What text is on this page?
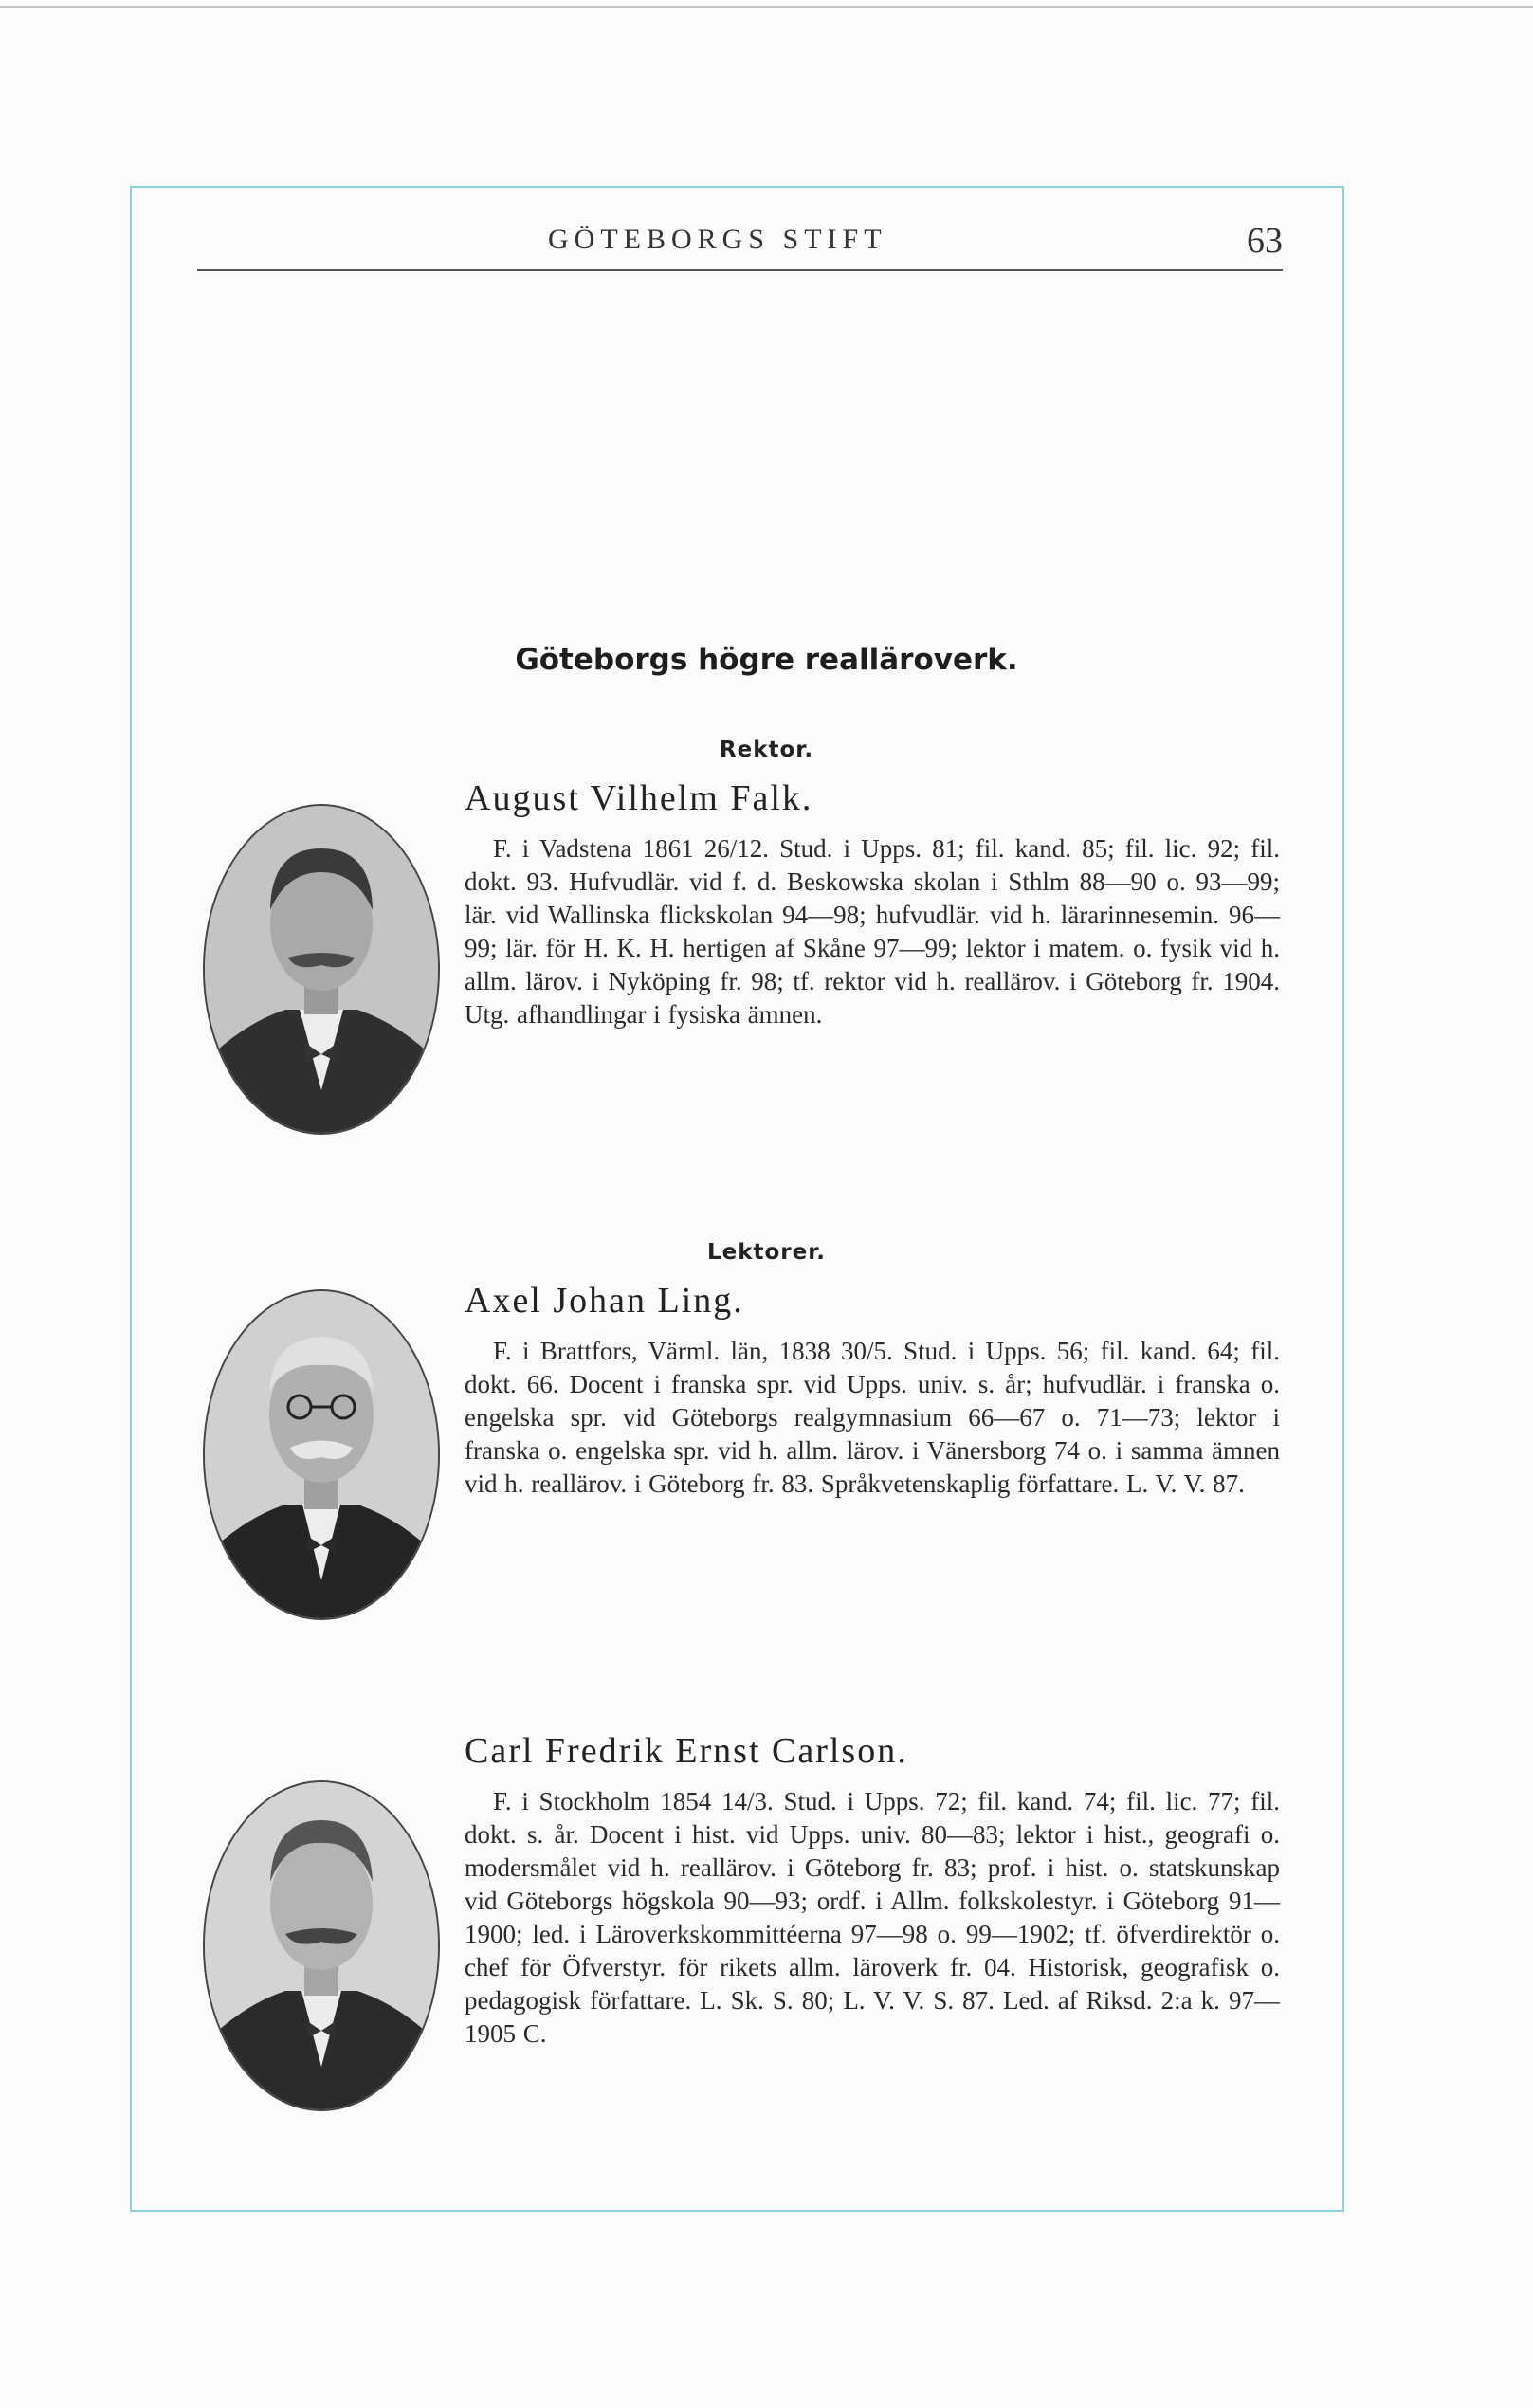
GÖTEBORGS STIFT	63
Göteborgs högre realläroverk.
Rektor.
August Vilhelm Falk.
F. i Vadstena 1861 26/12. Stud. i Upps. 81; fil. kand. 85; fil. lic. 92; fil. dokt. 93. Hufvudlär. vid f. d. Beskowska skolan i Sthlm 88—90 o. 93—99; lär. vid Wallinska flickskolan 94—98; hufvudlär. vid h. lärarinnesemin. 96—99; lär. för H. K. H. hertigen af Skåne 97—99; lektor i matem. o. fysik vid h. allm. lärov. i Nyköping fr. 98; tf. rektor vid h. reallärov. i Göteborg fr. 1904. Utg. afhandlingar i fysiska ämnen.
Lektorer.
Axel Johan Ling.
F. i Brattfors, Värml. län, 1838 30/5. Stud. i Upps. 56; fil. kand. 64; fil. dokt. 66. Docent i franska spr. vid Upps. univ. s. år; hufvudlär. i franska o. engelska spr. vid Göteborgs realgymnasium 66—67 o. 71—73; lektor i franska o. engelska spr. vid h. allm. lärov. i Vänersborg 74 o. i samma ämnen vid h. reallärov. i Göteborg fr. 83. Språkvetenskaplig författare. L. V. V. 87.
Carl Fredrik Ernst Carlson.
F. i Stockholm 1854 14/3. Stud. i Upps. 72; fil. kand. 74; fil. lic. 77; fil. dokt. s. år. Docent i hist. vid Upps. univ. 80—83; lektor i hist., geografi o. modersmålet vid h. reallärov. i Göteborg fr. 83; prof. i hist. o. statskunskap vid Göteborgs högskola 90—93; ordf. i Allm. folkskolestyr. i Göteborg 91—1900; led. i Läroverkskommittéerna 97—98 o. 99—1902; tf. öfverdirektör o. chef för Öfverstyr. för rikets allm. läroverk fr. 04. Historisk, geografisk o. pedagogisk författare. L. Sk. S. 80; L. V. V. S. 87. Led. af Riksd. 2:a k. 97—1905 C.
